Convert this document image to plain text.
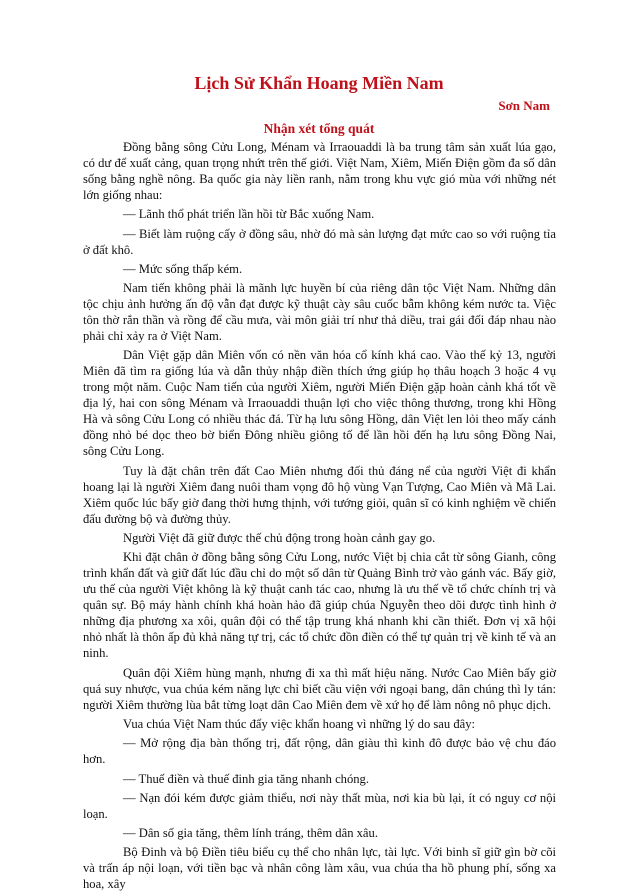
Lịch Sử Khẩn Hoang Miền Nam
Sơn Nam
Nhận xét tổng quát

Đồng bằng sông Cửu Long, Ménam và Irraouaddi là ba trung tâm sản xuất lúa gạo, có dư để xuất cảng, quan trọng nhứt trên thế giới. Việt Nam, Xiêm, Miến Điện gồm đa số dân sống bằng nghề nông. Ba quốc gia này liền ranh, nằm trong khu vực gió mùa với những nét lớn giống nhau:

— Lãnh thổ phát triển lần hồi từ Bắc xuống Nam.

— Biết làm ruộng cấy ở đồng sâu, nhờ đó mà sản lượng đạt mức cao so với ruộng tỉa ở đất khô.

— Mức sống thấp kém.

Nam tiến không phải là mãnh lực huyền bí của riêng dân tộc Việt Nam. Những dân tộc chịu ảnh hưởng ấn độ vẫn đạt được kỹ thuật cày sâu cuốc bẫm không kém nước ta. Việc tôn thờ rắn thần và rồng để cầu mưa, vài môn giải trí như thả diều, trai gái đối đáp nhau nào phải chỉ xảy ra ở Việt Nam.

Dân Việt gặp dân Miên vốn có nền văn hóa cổ kính khá cao. Vào thế kỷ 13, người Miên đã tìm ra giống lúa và dẫn thủy nhập điền thích ứng giúp họ thâu hoạch 3 hoặc 4 vụ trong một năm. Cuộc Nam tiến của người Xiêm, người Miến Điện gặp hoàn cảnh khá tốt về địa lý, hai con sông Ménam và Irraouaddi thuận lợi cho việc thông thương, trong khi Hồng Hà và sông Cửu Long có nhiều thác đá. Từ hạ lưu sông Hồng, dân Việt len lỏi theo mấy cánh đồng nhỏ bé dọc theo bờ biển Đông nhiều giông tố để lần hồi đến hạ lưu sông Đồng Nai, sông Cửu Long.

Tuy là đặt chân trên đất Cao Miên nhưng đối thủ đáng nể của người Việt đi khẩn hoang lại là người Xiêm đang nuôi tham vọng đô hộ vùng Vạn Tượng, Cao Miên và Mã Lai. Xiêm quốc lúc bấy giờ đang thời hưng thịnh, với tướng giỏi, quân sĩ có kinh nghiệm về chiến đấu đường bộ và đường thủy.

Người Việt đã giữ được thế chủ động trong hoàn cảnh gay go.

Khi đặt chân ở đồng bằng sông Cửu Long, nước Việt bị chia cắt từ sông Gianh, công trình khẩn đất và giữ đất lúc đầu chỉ do một số dân từ Quảng Bình trở vào gánh vác. Bấy giờ, ưu thế của người Việt không là kỹ thuật canh tác cao, nhưng là ưu thế về tổ chức chính trị và quân sự. Bộ máy hành chính khá hoàn hảo đã giúp chúa Nguyễn theo dõi được tình hình ở những địa phương xa xôi, quân đội có thể tập trung khá nhanh khi cần thiết. Đơn vị xã hội nhỏ nhất là thôn ấp đủ khả năng tự trị, các tổ chức đồn điền có thể tự quản trị về kinh tế và an ninh.

Quân đội Xiêm hùng mạnh, nhưng đi xa thì mất hiệu năng. Nước Cao Miên bấy giờ quá suy nhược, vua chúa kém năng lực chỉ biết cầu viện với ngoại bang, dân chúng thì ly tán: người Xiêm thường lùa bắt từng loạt dân Cao Miên đem về xứ họ để làm nông nô phục dịch.

Vua chúa Việt Nam thúc đẩy việc khẩn hoang vì những lý do sau đây:

— Mở rộng địa bàn thống trị, đất rộng, dân giàu thì kinh đô được bảo vệ chu đáo hơn.

— Thuế điền và thuế đinh gia tăng nhanh chóng.

— Nạn đói kém được giảm thiểu, nơi này thất mùa, nơi kia bù lại, ít có nguy cơ nội loạn.

— Dân số gia tăng, thêm lính tráng, thêm dân xâu.

Bộ Đinh và bộ Điền tiêu biểu cụ thể cho nhân lực, tài lực. Với binh sĩ giữ gìn bờ cõi và trấn áp nội loạn, với tiền bạc và nhân công làm xâu, vua chúa tha hồ phung phí, sống xa hoa, xây
